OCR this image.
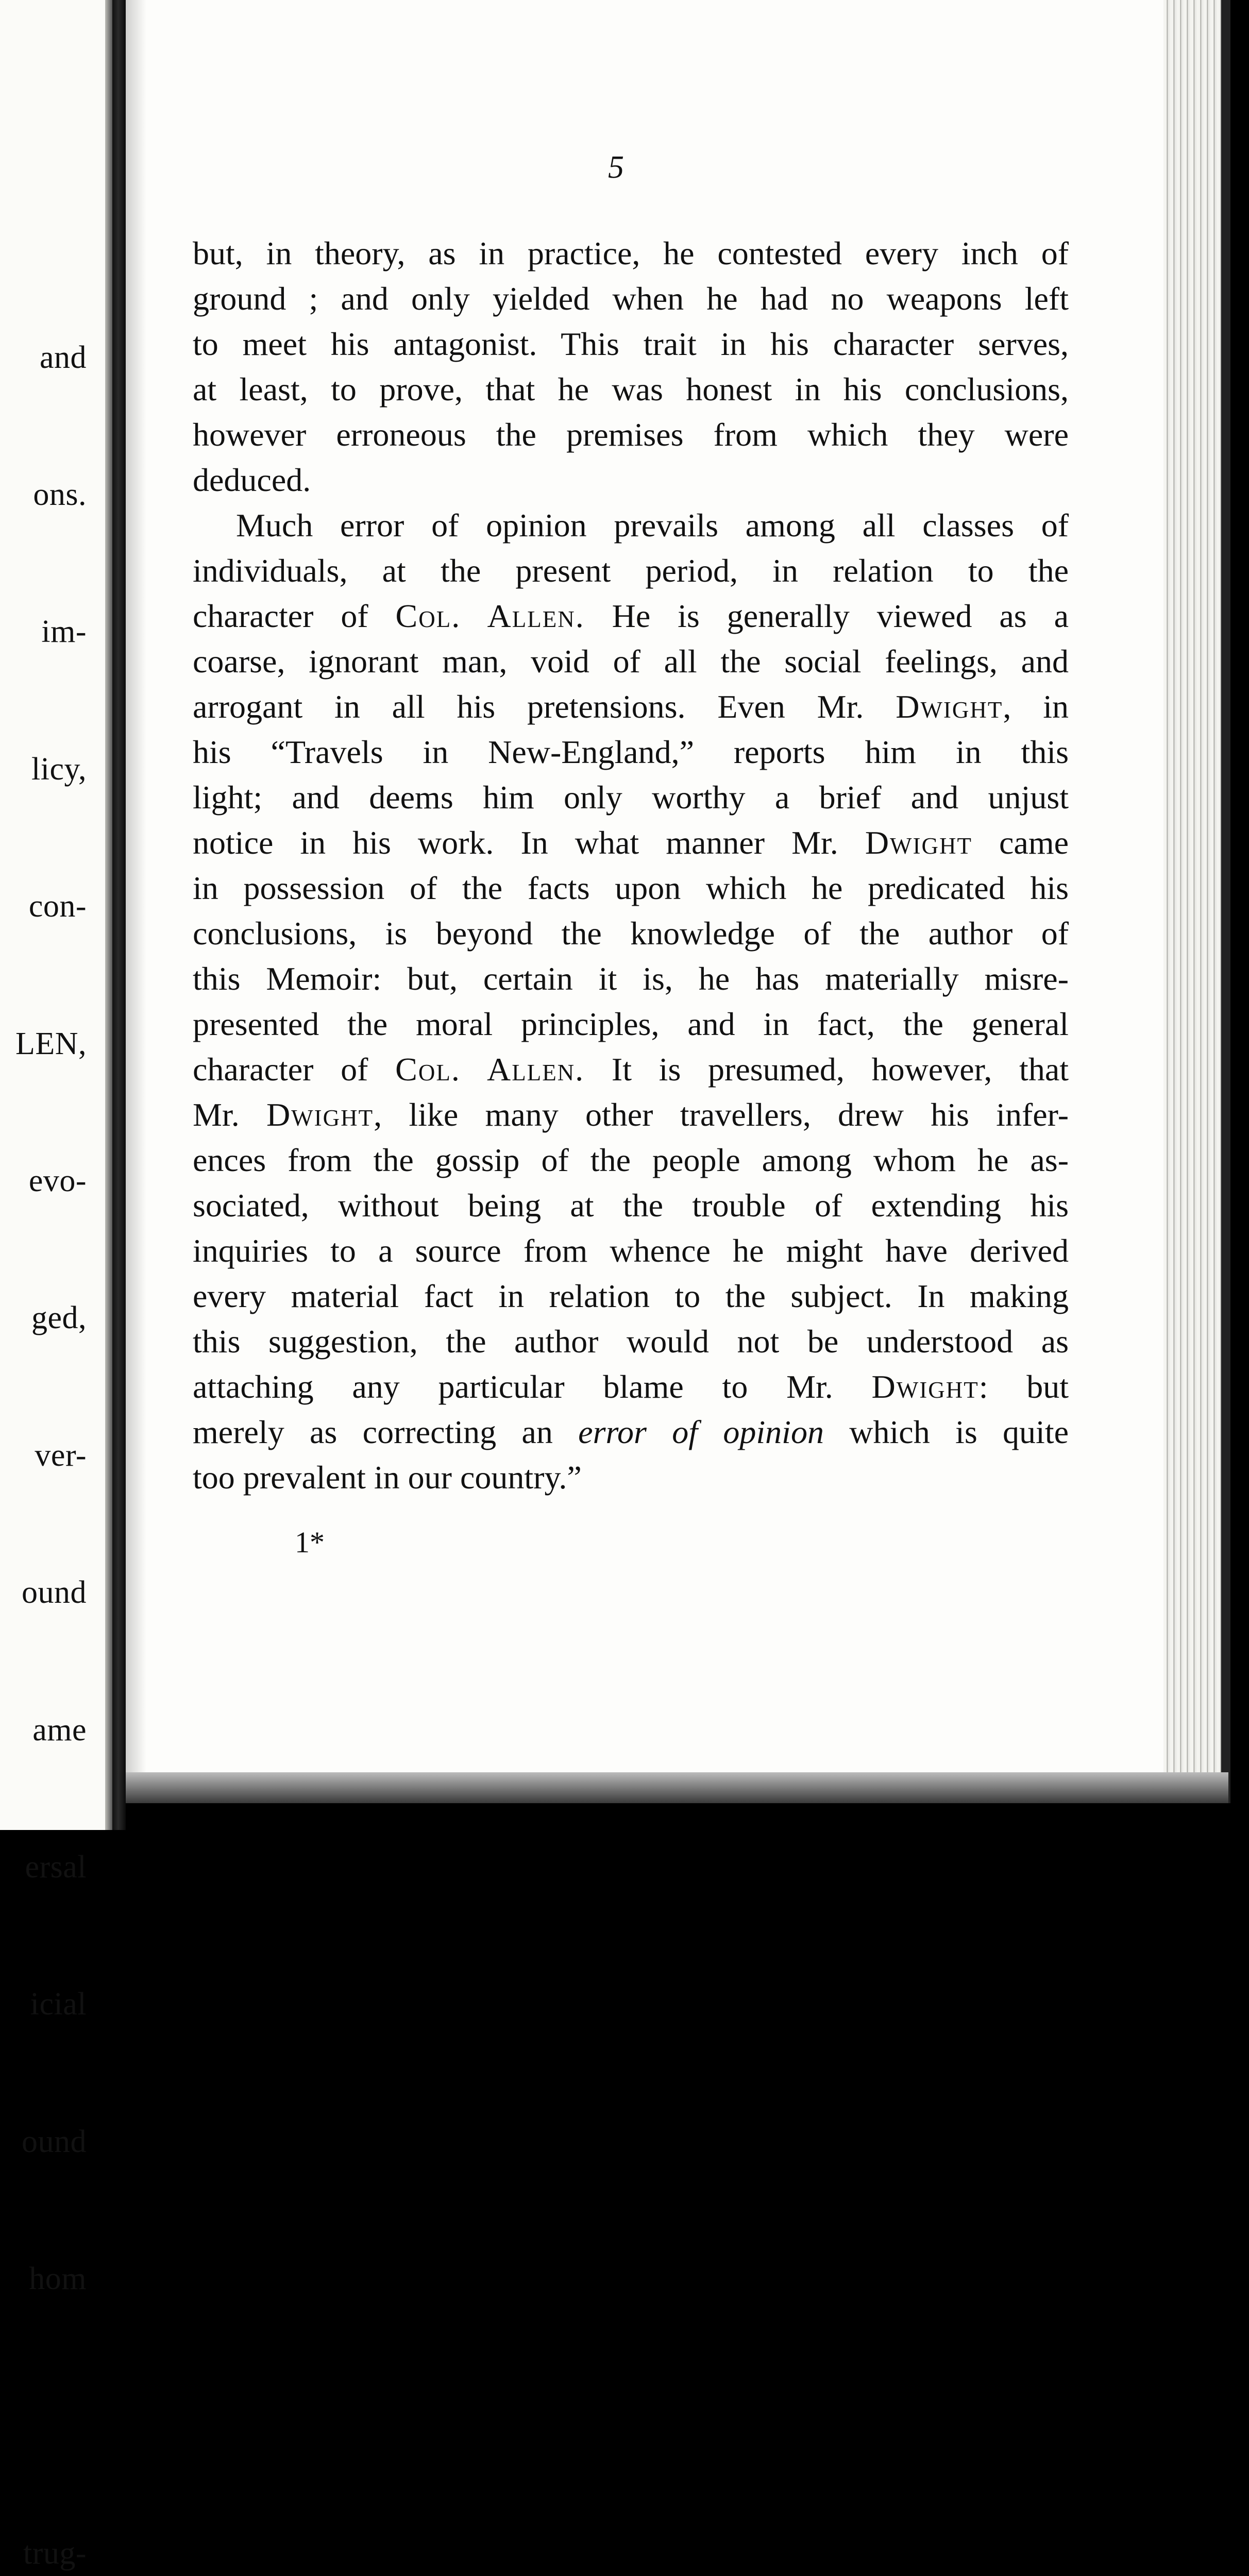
and

ons.

im-

licy,

con-

LEN,

evo-

ged,

ver-

ound

ame

ersal

icial

ound

hom

trug-

5
but, in theory, as in practice, he contested every inch of
ground ; and only yielded when he had no weapons left
to meet his antagonist. This trait in his character serves,
at least, to prove, that he was honest in his conclusions,
however erroneous the premises from which they were
deduced.
Much error of opinion prevails among all classes of
individuals, at the present period, in relation to the
character of Col. Allen. He is generally viewed as a
coarse, ignorant man, void of all the social feelings, and
arrogant in all his pretensions. Even Mr. Dwight, in
his “Travels in New-England,” reports him in this
light; and deems him only worthy a brief and unjust
notice in his work. In what manner Mr. Dwight came
in possession of the facts upon which he predicated his
conclusions, is beyond the knowledge of the author of
this Memoir: but, certain it is, he has materially misre-
presented the moral principles, and in fact, the general
character of Col. Allen. It is presumed, however, that
Mr. Dwight, like many other travellers, drew his infer-
ences from the gossip of the people among whom he as-
sociated, without being at the trouble of extending his
inquiries to a source from whence he might have derived
every material fact in relation to the subject. In making
this suggestion, the author would not be understood as
attaching any particular blame to Mr. Dwight: but
merely as correcting an error of opinion which is quite
too prevalent in our country.”
1*
